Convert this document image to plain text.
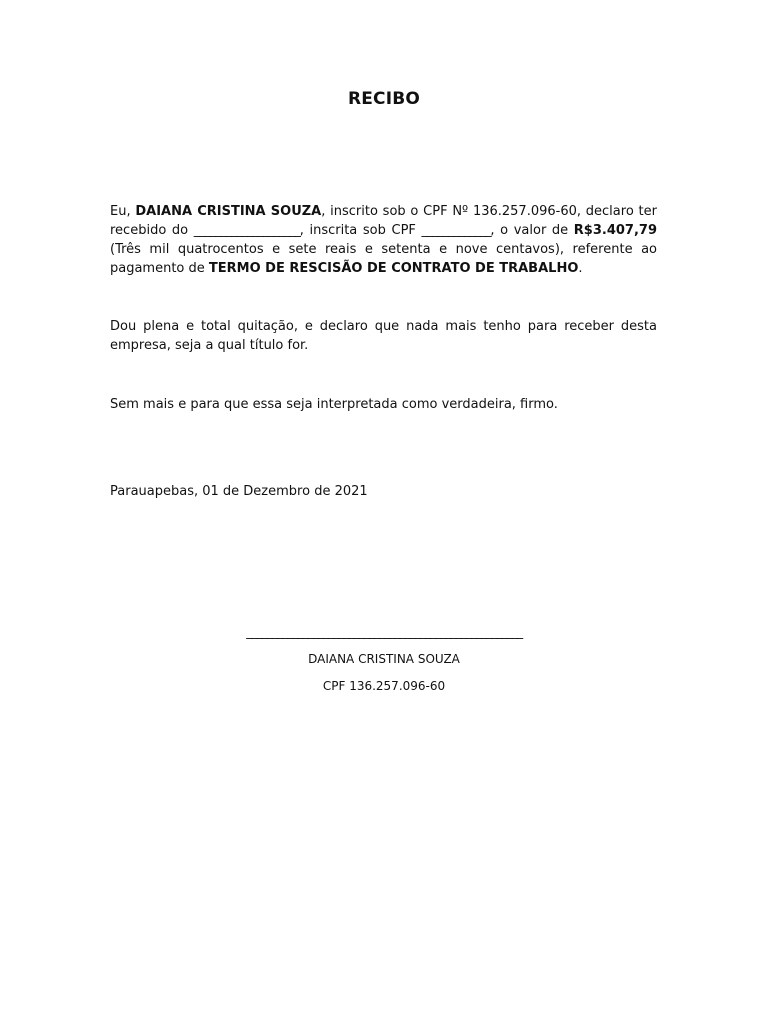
RECIBO
Eu, DAIANA CRISTINA SOUZA, inscrito sob o CPF Nº 136.257.096-60, declaro ter recebido do ____________________, inscrita sob CPF _____________, o valor de R$3.407,79 (Três mil quatrocentos e sete reais e setenta e nove centavos), referente ao pagamento de TERMO DE RESCISÃO DE CONTRATO DE TRABALHO.
Dou plena e total quitação, e declaro que nada mais tenho para receber desta empresa, seja a qual título for.
Sem mais e para que essa seja interpretada como verdadeira, firmo.
Parauapebas, 01 de Dezembro de 2021
______________________________________________________
DAIANA CRISTINA SOUZA
CPF 136.257.096-60
